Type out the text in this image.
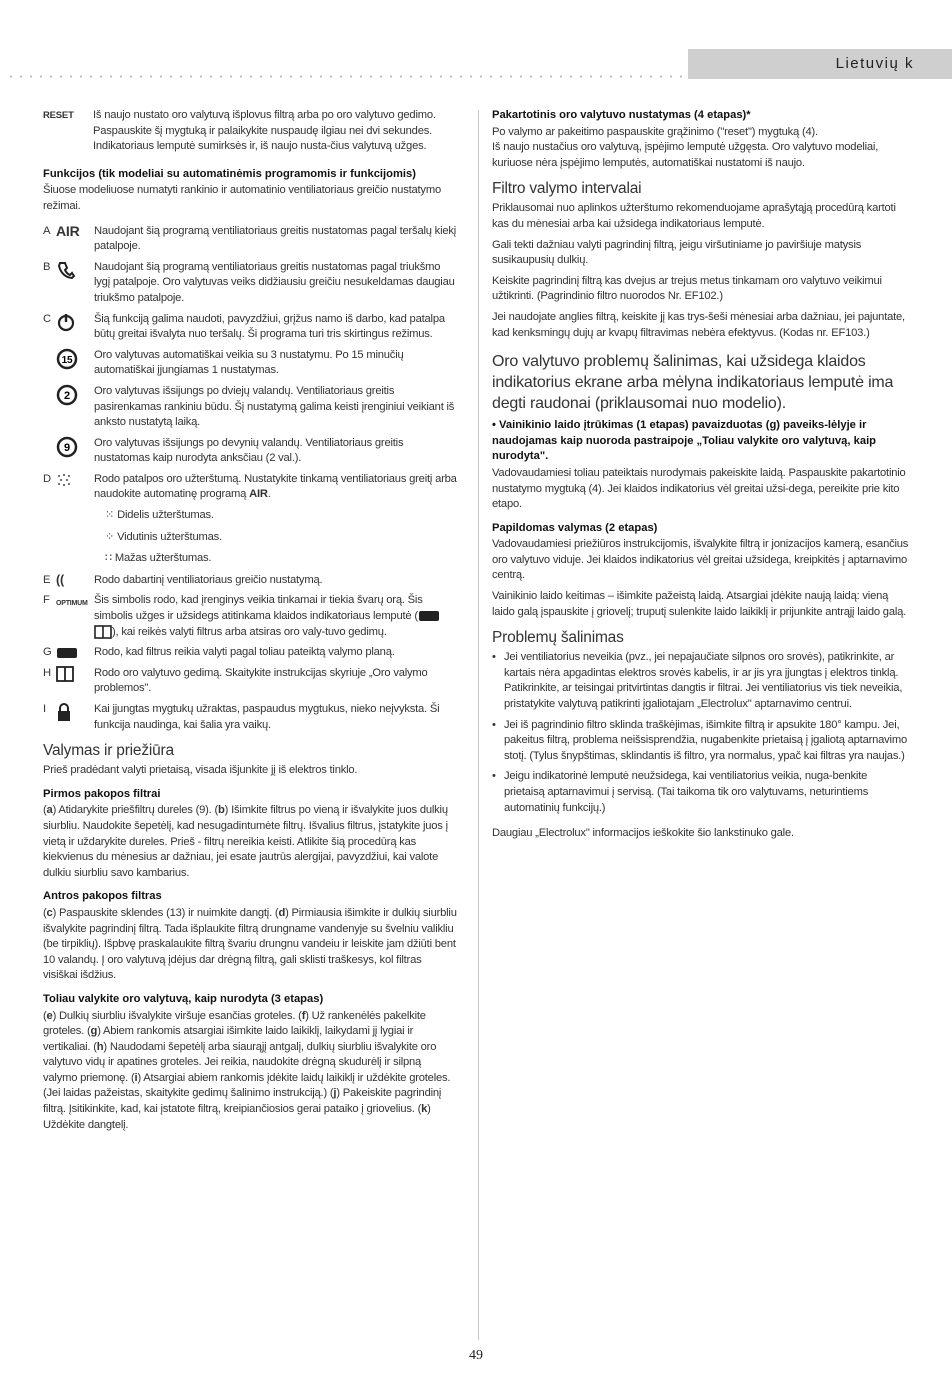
Lietuvių k
RESET	Iš naujo nustato oro valytuvą išplovus filtrą arba po oro valytuvo gedimo. Paspauskite šį mygtuką ir palaikykite nuspaudę ilgiau nei dvi sekundes. Indikatoriaus lemputė sumirksės ir, iš naujo nusta-čius valytuvą užges.

Funkcijos (tik modeliai su automatinėmis programomis ir funkcijomis)

Šiuose modeliuose numatyti rankinio ir automatinio ventiliatoriaus greičio nustatymo režimai.

A AIR	Naudojant šią programą ventiliatoriaus greitis nustatomas pagal teršalų kiekį patalpoje.
B	Naudojant šią programą ventiliatoriaus greitis nustatomas pagal triukšmo lygį patalpoje. Oro valytuvas veiks didžiausiu greičiu nesukeldamas daugiau triukšmo patalpoje.
C	Šią funkciją galima naudoti, pavyzdžiui, grįžus namo iš darbo, kad patalpa būtų greitai išvalyta nuo teršalų. Ši programa turi tris skirtingus režimus.
15 Oro valytuvas automatiškai veikia su 3 nustatymu. Po 15 minučių automatiškai įjungiamas 1 nustatymas.
2 Oro valytuvas išsijungs po dviejų valandų. Ventiliatoriaus greitis pasirenkamas rankiniu būdu. Šį nustatymą galima keisti įrenginiui veikiant iš anksto nustatytą laiką.
9 Oro valytuvas išsijungs po devynių valandų. Ventiliatoriaus greitis nustatomas kaip nurodyta anksčiau (2 val.).
D	Rodo patalpos oro užterštumą. Nustatykite tinkamą ventiliatoriaus greitį arba naudokite automatinę programą AIR.
⁙ Didelis užterštumas.
⁘ Vidutinis užterštumas.
∷ Mažas užterštumas.
E ((	Rodo dabartinį ventiliatoriaus greičio nustatymą.
F OPTIMUM Šis simbolis rodo, kad įrenginys veikia tinkamai ir tiekia švarų orą. Šis simbolis užges ir užsidegs atitinkama klaidos indikatoriaus lemputė ( ), kai reikės valyti filtrus arba atsiras oro valy-tuvo gedimų.
G	Rodo, kad filtrus reikia valyti pagal toliau pateiktą valymo planą.
H	Rodo oro valytuvo gedimą. Skaitykite instrukcijas skyriuje „Oro valymo problemos".
I	Kai įjungtas mygtukų užraktas, paspaudus mygtukus, nieko neįvyksta. Ši funkcija naudinga, kai šalia yra vaikų.

Valymas ir priežiūra

Prieš pradėdant valyti prietaisą, visada išjunkite jį iš elektros tinklo.

Pirmos pakopos filtrai

(a) Atidarykite priešfiltrų dureles (9). (b) Išimkite filtrus po vieną ir išvalykite juos dulkių siurbliu. Naudokite šepetėlį, kad nesugadintumėte filtrų. Išvalius filtrus, įstatykite juos į vietą ir uždarykite dureles. Prieš - filtrų nereikia keisti. Atlikite šią procedūrą kas kiekvienus du mėnesius ar dažniau, jei esate jautrūs alergijai, pavyzdžiui, kai valote dulkiu siurbliu savo kambarius.

Antros pakopos filtras

(c) Paspauskite sklendes (13) ir nuimkite dangtį. (d) Pirmiausia išimkite ir dulkių siurbliu išvalykite pagrindinį filtrą. Tada išplaukite filtrą drungname vandenyje su švelniu valikliu (be tirpiklių). Išpbvę praskalaukite filtrą švariu drungnu vandeiu ir leiskite jam džiūti bent 10 valandų. Į oro valytuvą įdėjus dar drėgną filtrą, gali sklisti traškesys, kol filtras visiškai išdžius.

Toliau valykite oro valytuvą, kaip nurodyta (3 etapas)

(e) Dulkių siurbliu išvalykite viršuje esančias groteles. (f) Už rankenėlės pakelkite groteles. (g) Abiem rankomis atsargiai išimkite laido laikiklį, laikydami jį lygiai ir vertikaliai. (h) Naudodami šepetėlį arba siaurąjį antgalį, dulkių siurbliu išvalykite oro valytuvo vidų ir apatines groteles. Jei reikia, naudokite drėgną skudurėlį ir silpną valymo priemonę. (i) Atsargiai abiem rankomis įdėkite laidų laikiklį ir uždėkite groteles. (Jei laidas pažeistas, skaitykite gedimų šalinimo instrukciją.) (j) Pakeiskite pagrindinį filtrą. Įsitikinkite, kad, kai įstatote filtrą, kreipiančiosios gerai pataiko į griovelius. (k) Uždėkite dangtelį.

Pakartotinis oro valytuvo nustatymas (4 etapas)*

Po valymo ar pakeitimo paspauskite grąžinimo ("reset") mygtuką (4).

Iš naujo nustačius oro valytuvą, įspėjimo lemputė užgęsta. Oro valytuvo modeliai, kuriuose nėra įspėjimo lemputės, automatiškai nustatomi iš naujo.

Filtro valymo intervalai

Priklausomai nuo aplinkos užterštumo rekomenduojame aprašytąją procedūrą kartoti kas du mėnesiai arba kai užsidega indikatoriaus lemputė.

Gali tekti dažniau valyti pagrindinį filtrą, jeigu viršutiniame jo paviršiuje matysis susikaupusių dulkių.

Keiskite pagrindinį filtrą kas dvejus ar trejus metus tinkamam oro valytuvo veikimui užtikrinti. (Pagrindinio filtro nuorodos Nr. EF102.)

Jei naudojate anglies filtrą, keiskite jį kas trys-šeši mėnesiai arba dažniau, jei pajuntate, kad kenksmingų dujų ar kvapų filtravimas nebėra efektyvus. (Kodas nr. EF103.)

Oro valytuvo problemų šalinimas, kai užsidega klaidos indikatorius ekrane arba mėlyna indikatoriaus lemputė ima degti raudonai (priklausomai nuo modelio).

• Vainikinio laido įtrūkimas (1 etapas) pavaizduotas (g) paveiks-lėlyje ir naudojamas kaip nuoroda pastraipoje „Toliau valykite oro valytuvą, kaip nurodyta".

Vadovaudamiesi toliau pateiktais nurodymais pakeiskite laidą. Paspauskite pakartotinio nustatymo mygtuką (4). Jei klaidos indikatorius vėl greitai užsi-dega, pereikite prie kito etapo.

Papildomas valymas (2 etapas)

Vadovaudamiesi priežiūros instrukcijomis, išvalykite filtrą ir jonizacijos kamerą, esančius oro valytuvo viduje. Jei klaidos indikatorius vėl greitai užsidega, kreipkitės į aptarnavimo centrą.

Vainikinio laido keitimas – išimkite pažeistą laidą. Atsargiai įdėkite naują laidą: vieną laido galą įspauskite į griovelį; truputį sulenkite laido laikiklį ir prijunkite antrąjį laido galą.

Problemų šalinimas

• Jei ventiliatorius neveikia (pvz., jei nepajaučiate silpnos oro srovės), patikrinkite, ar kartais nėra apgadintas elektros srovės kabelis, ir ar jis yra įjungtas į elektros tinklą. Patikrinkite, ar teisingai pritvirtintas dangtis ir filtrai. Jei ventiliatorius vis tiek neveikia, pristatykite valytuvą patikrinti įgaliotajam „Electrolux" aptarnavimo centrui.
• Jei iš pagrindinio filtro sklinda traškėjimas, išimkite filtrą ir apsukite 180° kampu. Jei, pakeitus filtrą, problema neišsisprendžia, nugabenkite prietaisą į įgaliotą aptarnavimo stotį. (Tylus šnypštimas, sklindantis iš filtro, yra normalus, ypač kai filtras yra naujas.)
• Jeigu indikatorinė lemputė neužsidega, kai ventiliatorius veikia, nuga-benkite prietaisą aptarnavimui į servisą. (Tai taikoma tik oro valytuvams, neturintiems automatinių funkcijų.)

Daugiau „Electrolux" informacijos ieškokite šio lankstinuko gale.

49
